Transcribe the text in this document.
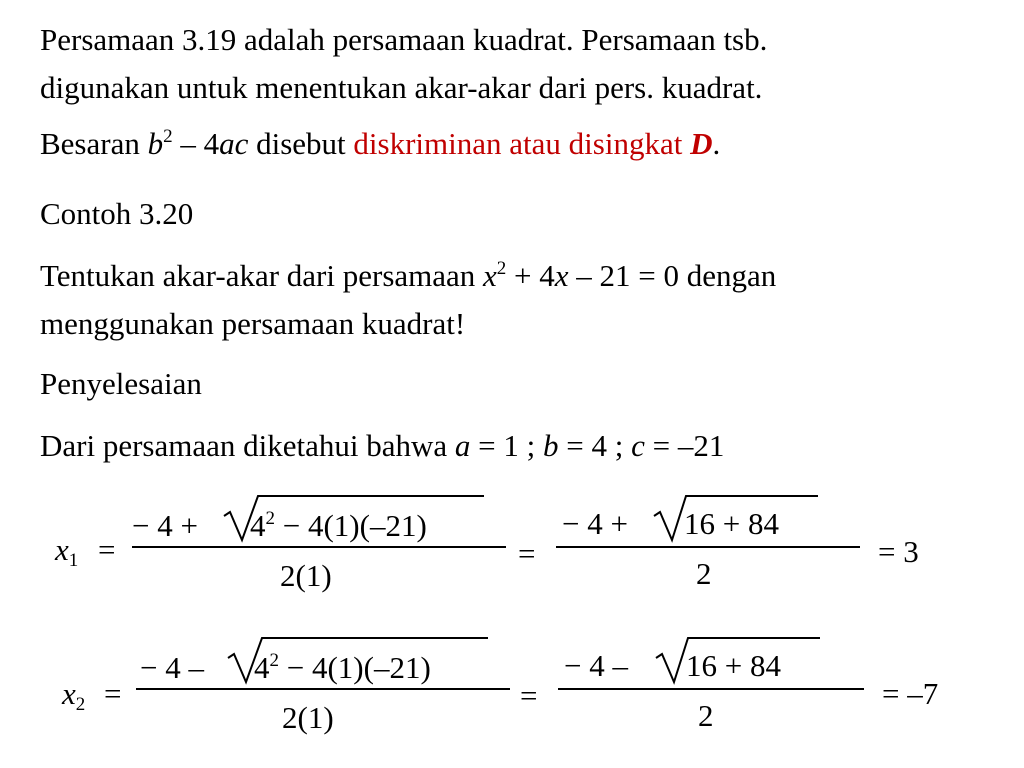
Persamaan 3.19 adalah persamaan kuadrat. Persamaan tsb.
digunakan untuk menentukan akar-akar dari pers. kuadrat.
Besaran $b^2 - 4ac$ disebut diskriminan atau disingkat D.
Contoh 3.20
Tentukan akar-akar dari persamaan $x^2 + 4x - 21 = 0$ dengan
menggunakan persamaan kuadrat!
Penyelesaian
Dari persamaan diketahui bahwa a = 1 ; b = 4 ; c = –21
$x_1$ =
− $4 + 4^2 - 4(1)(-21)$
2(1)
=
− 4 + 16 + 84
2
= 3
$x_2$ =
− $4 - 4^2 - 4(1)(-21)$
2(1)
=
− 4 – 16 + 84
2
= –7
